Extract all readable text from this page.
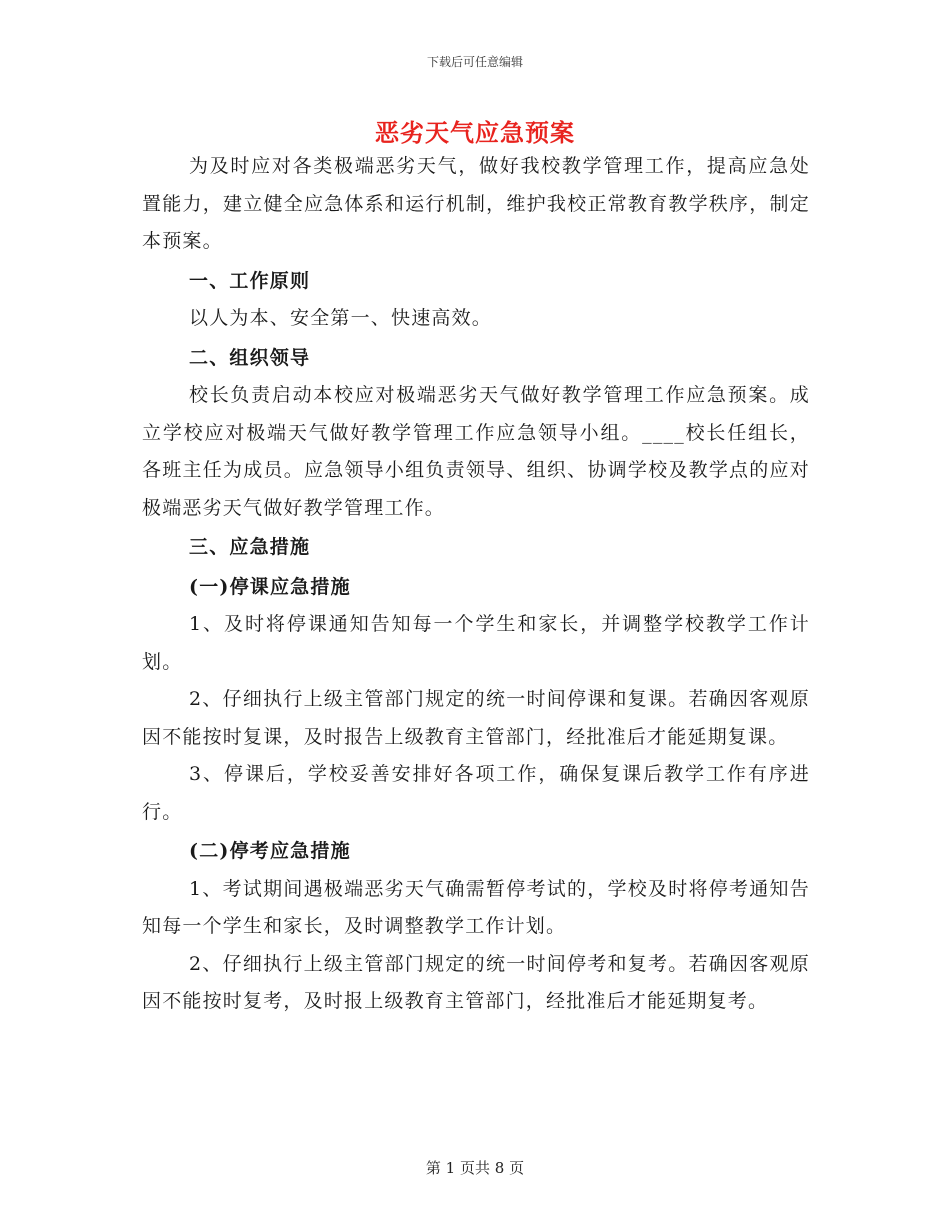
下载后可任意编辑
恶劣天气应急预案

为及时应对各类极端恶劣天气，做好我校教学管理工作，提高应急处置能力，建立健全应急体系和运行机制，维护我校正常教育教学秩序，制定本预案。

一、工作原则

以人为本、安全第一、快速高效。

二、组织领导

校长负责启动本校应对极端恶劣天气做好教学管理工作应急预案。成立学校应对极端天气做好教学管理工作应急领导小组。____校长任组长，各班主任为成员。应急领导小组负责领导、组织、协调学校及教学点的应对极端恶劣天气做好教学管理工作。

三、应急措施

(一)停课应急措施

1、及时将停课通知告知每一个学生和家长，并调整学校教学工作计划。

2、仔细执行上级主管部门规定的统一时间停课和复课。若确因客观原因不能按时复课，及时报告上级教育主管部门，经批准后才能延期复课。

3、停课后，学校妥善安排好各项工作，确保复课后教学工作有序进行。

(二)停考应急措施

1、考试期间遇极端恶劣天气确需暂停考试的，学校及时将停考通知告知每一个学生和家长，及时调整教学工作计划。

2、仔细执行上级主管部门规定的统一时间停考和复考。若确因客观原因不能按时复考，及时报上级教育主管部门，经批准后才能延期复考。

第 1 页共 8 页
